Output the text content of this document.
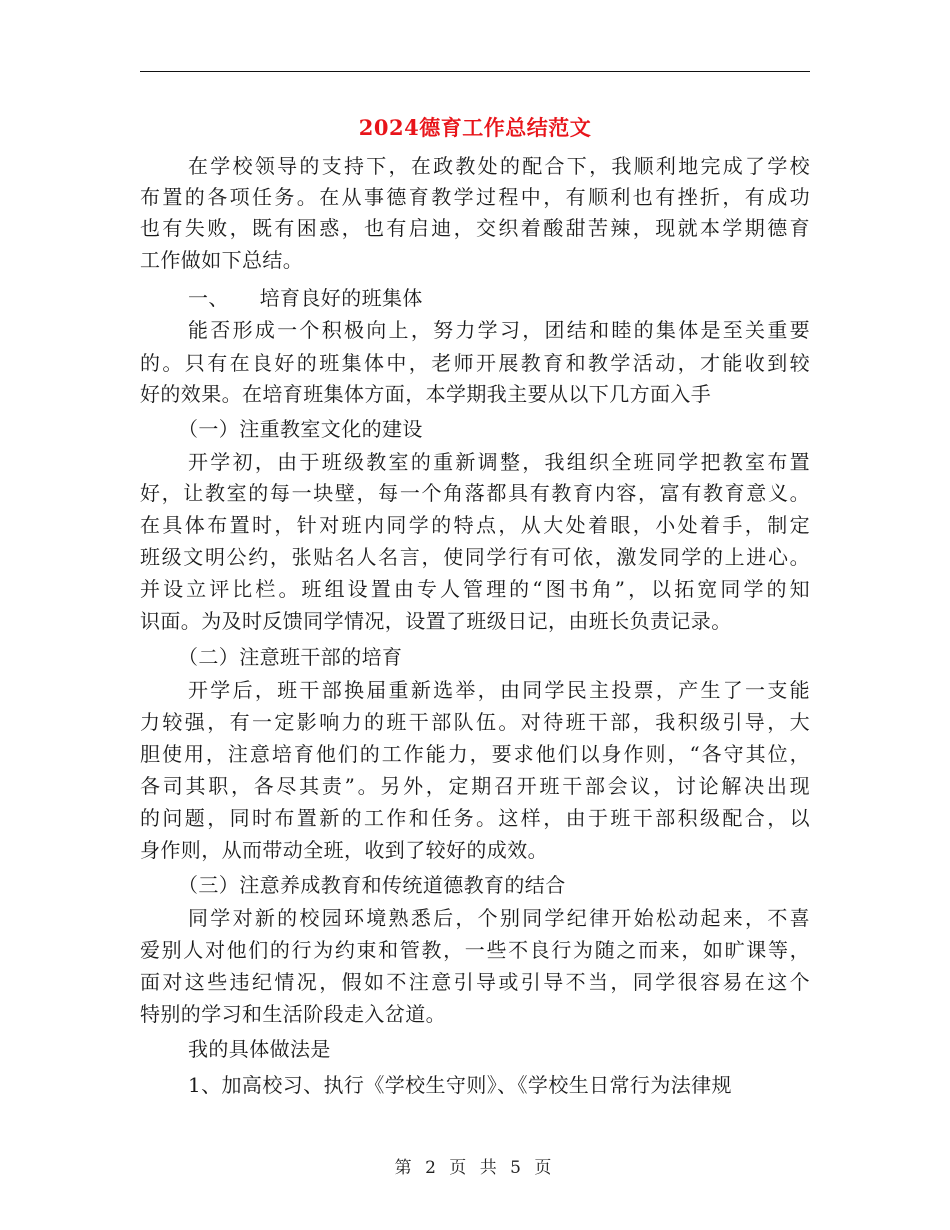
2024德育工作总结范文
在学校领导的支持下，在政教处的配合下，我顺利地完成了学校
布置的各项任务。在从事德育教学过程中，有顺利也有挫折，有成功
也有失败，既有困惑，也有启迪，交织着酸甜苦辣，现就本学期德育
工作做如下总结。
一、　　培育良好的班集体
能否形成一个积极向上，努力学习，团结和睦的集体是至关重要
的。只有在良好的班集体中，老师开展教育和教学活动，才能收到较
好的效果。在培育班集体方面，本学期我主要从以下几方面入手
（一）注重教室文化的建设
开学初，由于班级教室的重新调整，我组织全班同学把教室布置
好，让教室的每一块壁，每一个角落都具有教育内容，富有教育意义。
在具体布置时，针对班内同学的特点，从大处着眼，小处着手，制定
班级文明公约，张贴名人名言，使同学行有可依，激发同学的上进心。
并设立评比栏。班组设置由专人管理的“图书角”，以拓宽同学的知
识面。为及时反馈同学情况，设置了班级日记，由班长负责记录。
（二）注意班干部的培育
开学后，班干部换届重新选举，由同学民主投票，产生了一支能
力较强，有一定影响力的班干部队伍。对待班干部，我积级引导，大
胆使用，注意培育他们的工作能力，要求他们以身作则，“各守其位，
各司其职，各尽其责”。另外，定期召开班干部会议，讨论解决出现
的问题，同时布置新的工作和任务。这样，由于班干部积级配合，以
身作则，从而带动全班，收到了较好的成效。
（三）注意养成教育和传统道德教育的结合
同学对新的校园环境熟悉后，个别同学纪律开始松动起来，不喜
爱别人对他们的行为约束和管教，一些不良行为随之而来，如旷课等，
面对这些违纪情况，假如不注意引导或引导不当，同学很容易在这个
特别的学习和生活阶段走入岔道。
我的具体做法是
1、加高校习、执行《学校生守则》、《学校生日常行为法律规
第 2 页 共 5 页
